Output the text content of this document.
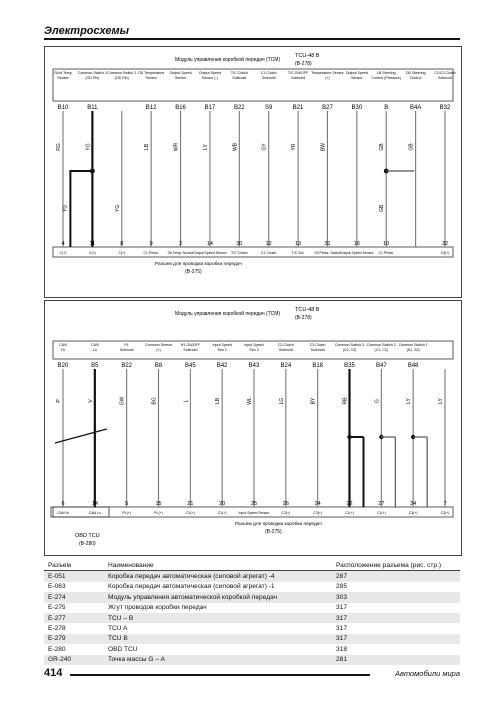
Электросхемы
Модуль управления коробкой передач (TCM)
TCU-48 B
(B-278)
Разъем для проводки коробки передач
(B-275)
Fluid Temp
Sensor
B10
RG
4
C(+)
Common Switch 1
(OD Pin)
B11
YG
11
C(+)
Common Switch 2
(OD Pin)
8
C(+)
OD Temperature
Sensor
B12
LB
9
C1 Press.
Output Speed
Sensor
B16
WR
2
Oil Temp Sensor
Output Speed
Sensor (-)
B17
LY
14
Output Speed Sensor
T/C Clutch
Solenoid
B22
WB
30
T/C Clutch
C1 Clutch
Solenoid
S9
GY
12
C1 Clutch
T/C ON/OFF
Solenoid
B21
YR
13
T/C Sol.
Temperature Sensor
(+)
B27
BW
31
Oil Press. Switch
Output Speed
Sensor
B30
16
Output Speed Sensor
LB Steering
Control (Pressure)
B
GB
10
C1 Press.
OD Steering
Control
B4A
GB
C1/C2 Clutch
Solenoid
B32
32
C3(+)
YG	YG	GB
Модуль управления коробкой передач (TCM)
TCU-48 B
(B-278)
Разъем для проводки коробки передач
(B-275)
CAN
Hi
B20
P
6
CAN Hi
CAN
Lo
B5
V
14
CAN Lo
PL
Solenoid
B22
GW
5
PL(+)
Common Sensor
(+)
B8
BG
15
PL(+)
N1 ON/OFF
Solenoid
B45
L
21
C1(+)
Input Speed
Sen 1
B42
LB
20
C1(+)
Input Speed
Sen 2
B43
WL
25
Input Speed Sensor
C2 Clutch
Solenoid
B24
LG
26
C2(+)
C3 Clutch
Solenoid
B18
BY
24
C3(+)
Common Switch 3
(C2, C2)
B35
RB
22
C1(+)
Common Switch 2
(C1, C2)
B47
G
27
C1(+)
Common Switch 1
(S1, S2)
B48
LY
34
C3(+)
LY
7
C3(+)
OBD TCU
(B-280)
Разъем	Наименование	Расположение разъема (рис. стр.)
E-051	Коробка передач автоматическая (силовой агрегат) -4	287
E-063	Коробка передач автоматическая (силовой агрегат) -1	285
E-274	Модуль управления автоматической коробкой передач	303
E-275	Жгут проводов коробки передач	317
E-277	TCU – B	317
E-278	TCU A	317
E-279	TCU B	317
E-280	OBD TCU	318
GR-240	Точка массы G – A	281
414	Автомобили мира
